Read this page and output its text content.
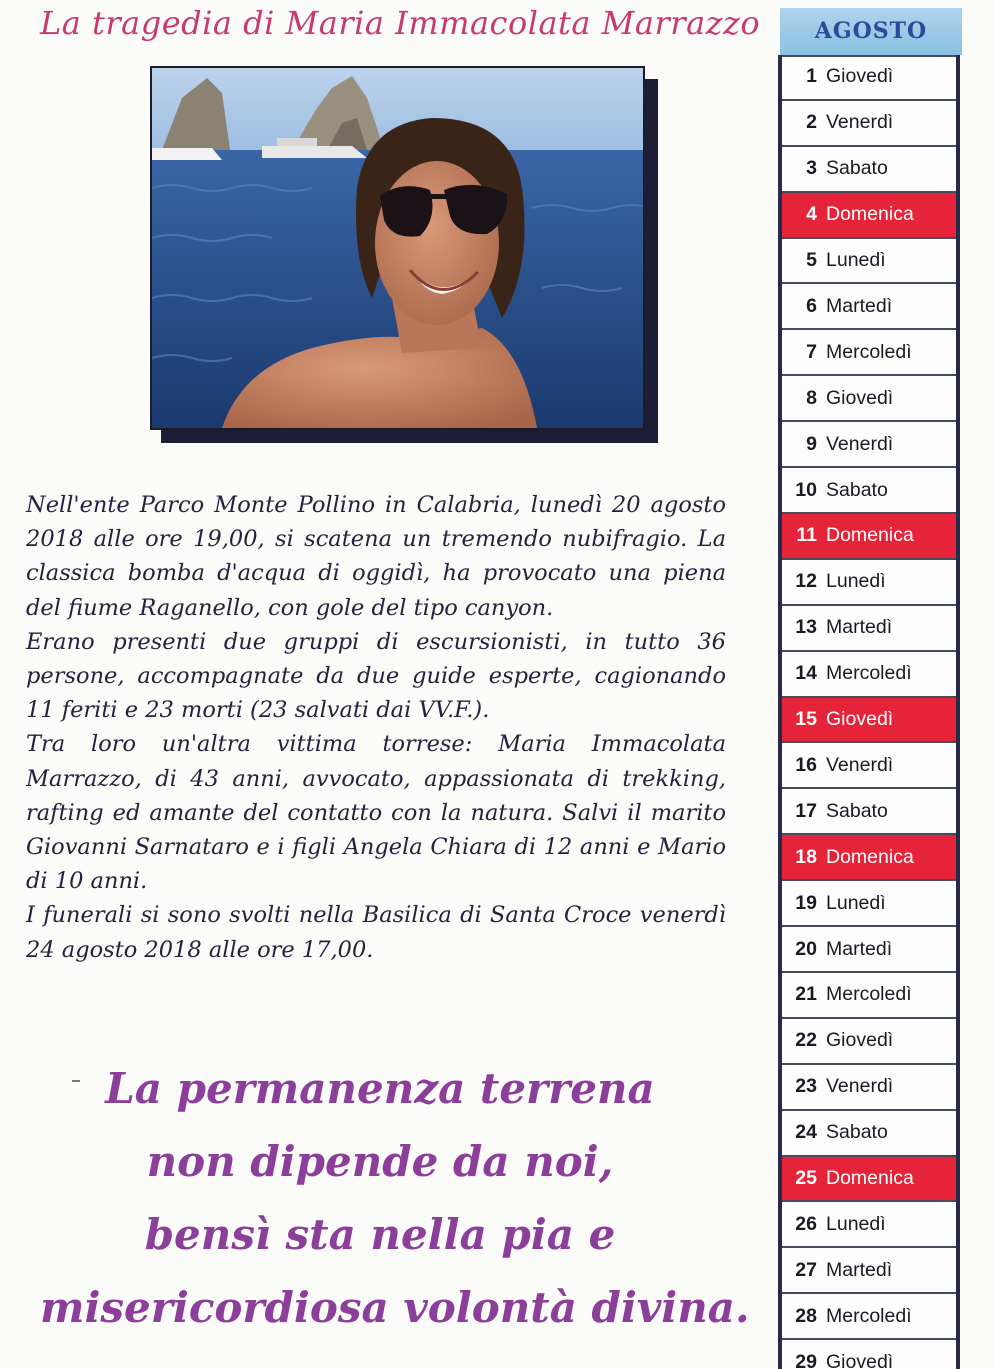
La tragedia di Maria Immacolata Marrazzo

Nell'ente Parco Monte Pollino in Calabria, lunedì 20 agosto 2018 alle ore 19,00, si scatena un tremendo nubifragio. La classica bomba d'acqua di oggidì, ha provocato una piena del fiume Raganello, con gole del tipo canyon.

Erano presenti due gruppi di escursionisti, in tutto 36 persone, accompagnate da due guide esperte, cagionando 11 feriti e 23 morti (23 salvati dai VV.F.).

Tra loro un'altra vittima torrese: Maria Immacolata Marrazzo, di 43 anni, avvocato, appassionata di trekking, rafting ed amante del contatto con la natura. Salvi il marito Giovanni Sarnataro e i figli Angela Chiara di 12 anni e Mario di 10 anni.

I funerali si sono svolti nella Basilica di Santa Croce venerdì 24 agosto 2018 alle ore 17,00.

La permanenza terrena
non dipende da noi,
bensì sta nella pia e
misericordiosa volontà divina.
AGOSTO
1 Giovedì
2 Venerdì
3 Sabato
4 Domenica
5 Lunedì
6 Martedì
7 Mercoledì
8 Giovedì
9 Venerdì
10 Sabato
11 Domenica
12 Lunedì
13 Martedì
14 Mercoledì
15 Giovedì
16 Venerdì
17 Sabato
18 Domenica
19 Lunedì
20 Martedì
21 Mercoledì
22 Giovedì
23 Venerdì
24 Sabato
25 Domenica
26 Lunedì
27 Martedì
28 Mercoledì
29 Giovedì
